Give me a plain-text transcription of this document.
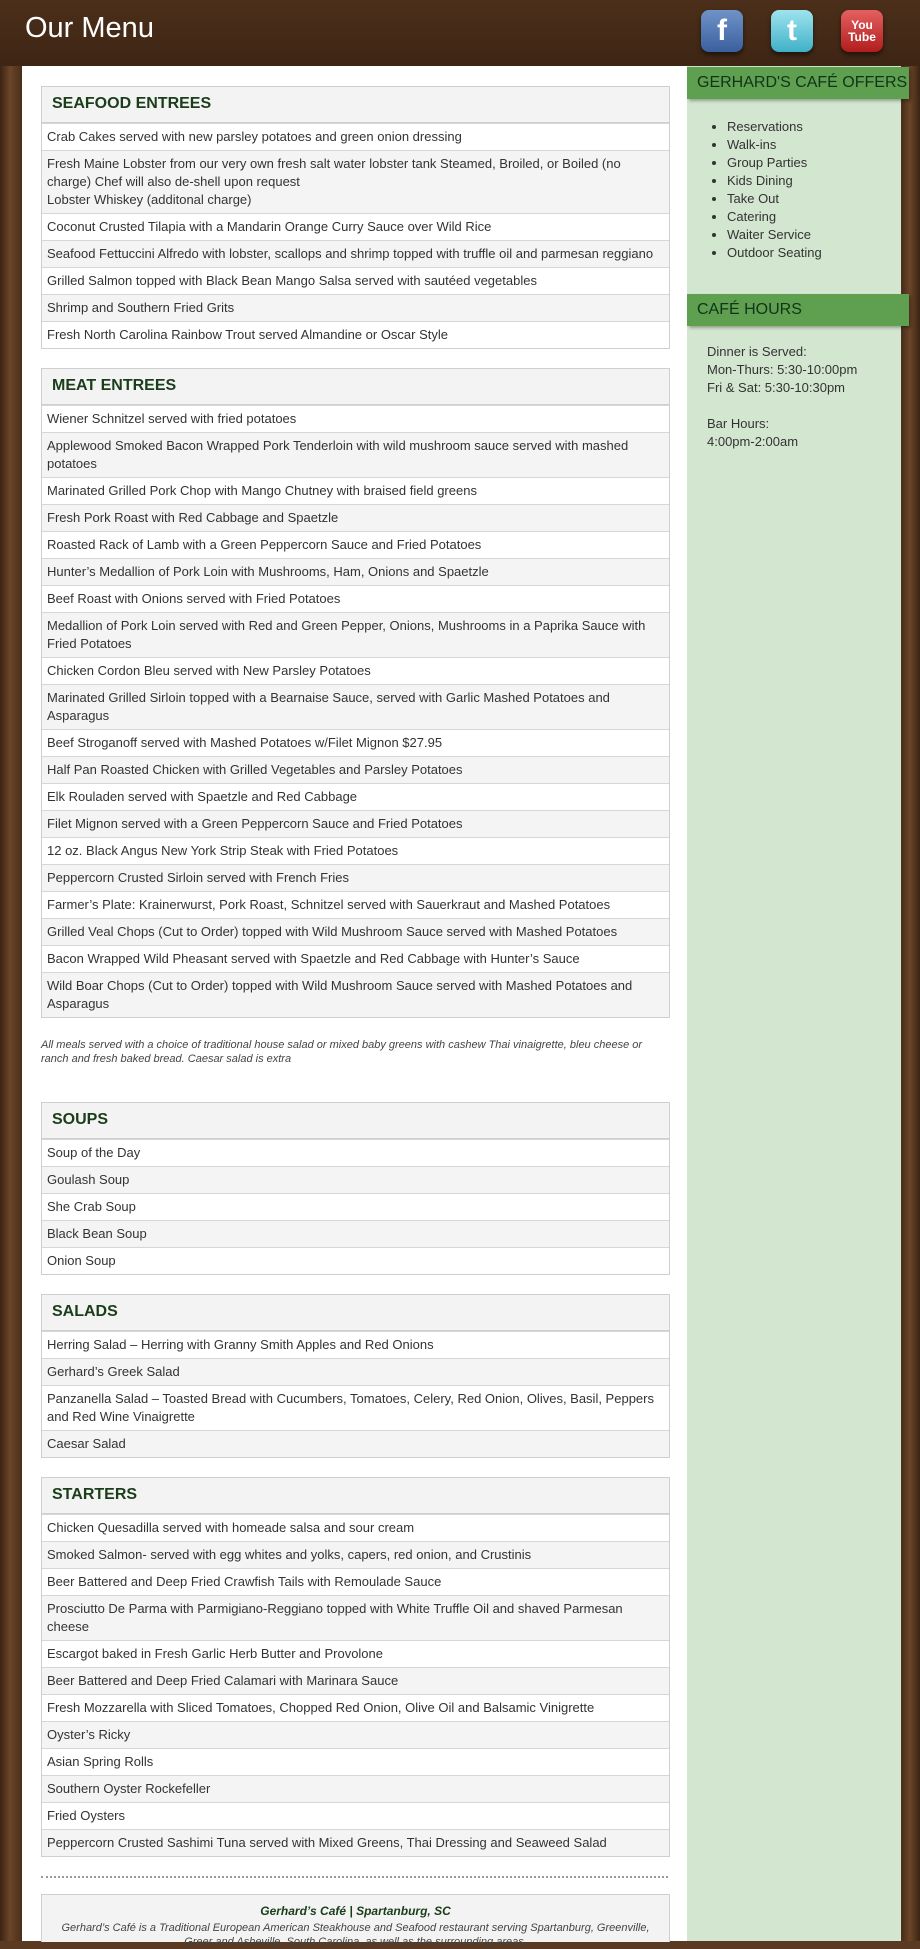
Our Menu	f	t	You
Tube
SEAFOOD ENTREES
Crab Cakes served with new parsley potatoes and green onion dressing
Fresh Maine Lobster from our very own fresh salt water lobster tank Steamed, Broiled, or Boiled (no charge) Chef will also de-shell upon request
Lobster Whiskey (additonal charge)
Coconut Crusted Tilapia with a Mandarin Orange Curry Sauce over Wild Rice
Seafood Fettuccini Alfredo with lobster, scallops and shrimp topped with truffle oil and parmesan reggiano
Grilled Salmon topped with Black Bean Mango Salsa served with sautéed vegetables
Shrimp and Southern Fried Grits
Fresh North Carolina Rainbow Trout served Almandine or Oscar Style
MEAT ENTREES
Wiener Schnitzel served with fried potatoes
Applewood Smoked Bacon Wrapped Pork Tenderloin with wild mushroom sauce served with mashed potatoes
Marinated Grilled Pork Chop with Mango Chutney with braised field greens
Fresh Pork Roast with Red Cabbage and Spaetzle
Roasted Rack of Lamb with a Green Peppercorn Sauce and Fried Potatoes
Hunter’s Medallion of Pork Loin with Mushrooms, Ham, Onions and Spaetzle
Beef Roast with Onions served with Fried Potatoes
Medallion of Pork Loin served with Red and Green Pepper, Onions, Mushrooms in a Paprika Sauce with Fried Potatoes
Chicken Cordon Bleu served with New Parsley Potatoes
Marinated Grilled Sirloin topped with a Bearnaise Sauce, served with Garlic Mashed Potatoes and Asparagus
Beef Stroganoff served with Mashed Potatoes w/Filet Mignon $27.95
Half Pan Roasted Chicken with Grilled Vegetables and Parsley Potatoes
Elk Rouladen served with Spaetzle and Red Cabbage
Filet Mignon served with a Green Peppercorn Sauce and Fried Potatoes
12 oz. Black Angus New York Strip Steak with Fried Potatoes
Peppercorn Crusted Sirloin served with French Fries
Farmer’s Plate: Krainerwurst, Pork Roast, Schnitzel served with Sauerkraut and Mashed Potatoes
Grilled Veal Chops (Cut to Order) topped with Wild Mushroom Sauce served with Mashed Potatoes
Bacon Wrapped Wild Pheasant served with Spaetzle and Red Cabbage with Hunter’s Sauce
Wild Boar Chops (Cut to Order) topped with Wild Mushroom Sauce served with Mashed Potatoes and Asparagus
All meals served with a choice of traditional house salad or mixed baby greens with cashew Thai vinaigrette, bleu cheese or ranch and fresh baked bread. Caesar salad is extra
SOUPS
Soup of the Day
Goulash Soup
She Crab Soup
Black Bean Soup
Onion Soup
SALADS
Herring Salad – Herring with Granny Smith Apples and Red Onions
Gerhard’s Greek Salad
Panzanella Salad – Toasted Bread with Cucumbers, Tomatoes, Celery, Red Onion, Olives, Basil, Peppers and Red Wine Vinaigrette
Caesar Salad
STARTERS
Chicken Quesadilla served with homeade salsa and sour cream
Smoked Salmon- served with egg whites and yolks, capers, red onion, and Crustinis
Beer Battered and Deep Fried Crawfish Tails with Remoulade Sauce
Prosciutto De Parma with Parmigiano-Reggiano topped with White Truffle Oil and shaved Parmesan cheese
Escargot baked in Fresh Garlic Herb Butter and Provolone
Beer Battered and Deep Fried Calamari with Marinara Sauce
Fresh Mozzarella with Sliced Tomatoes, Chopped Red Onion, Olive Oil and Balsamic Vinigrette
Oyster’s Ricky
Asian Spring Rolls
Southern Oyster Rockefeller
Fried Oysters
Peppercorn Crusted Sashimi Tuna served with Mixed Greens, Thai Dressing and Seaweed Salad
Gerhard’s Café | Spartanburg, SC
Gerhard’s Café is a Traditional European American Steakhouse and Seafood restaurant serving Spartanburg, Greenville, Greer and Asheville, South Carolina, as well as the surrounding areas.
GERHARD'S CAFÉ OFFERS
• Reservations
• Walk-ins
• Group Parties
• Kids Dining
• Take Out
• Catering
• Waiter Service
• Outdoor Seating
CAFÉ HOURS
Dinner is Served:
Mon-Thurs: 5:30-10:00pm
Fri & Sat: 5:30-10:30pm
Bar Hours:
4:00pm-2:00am
